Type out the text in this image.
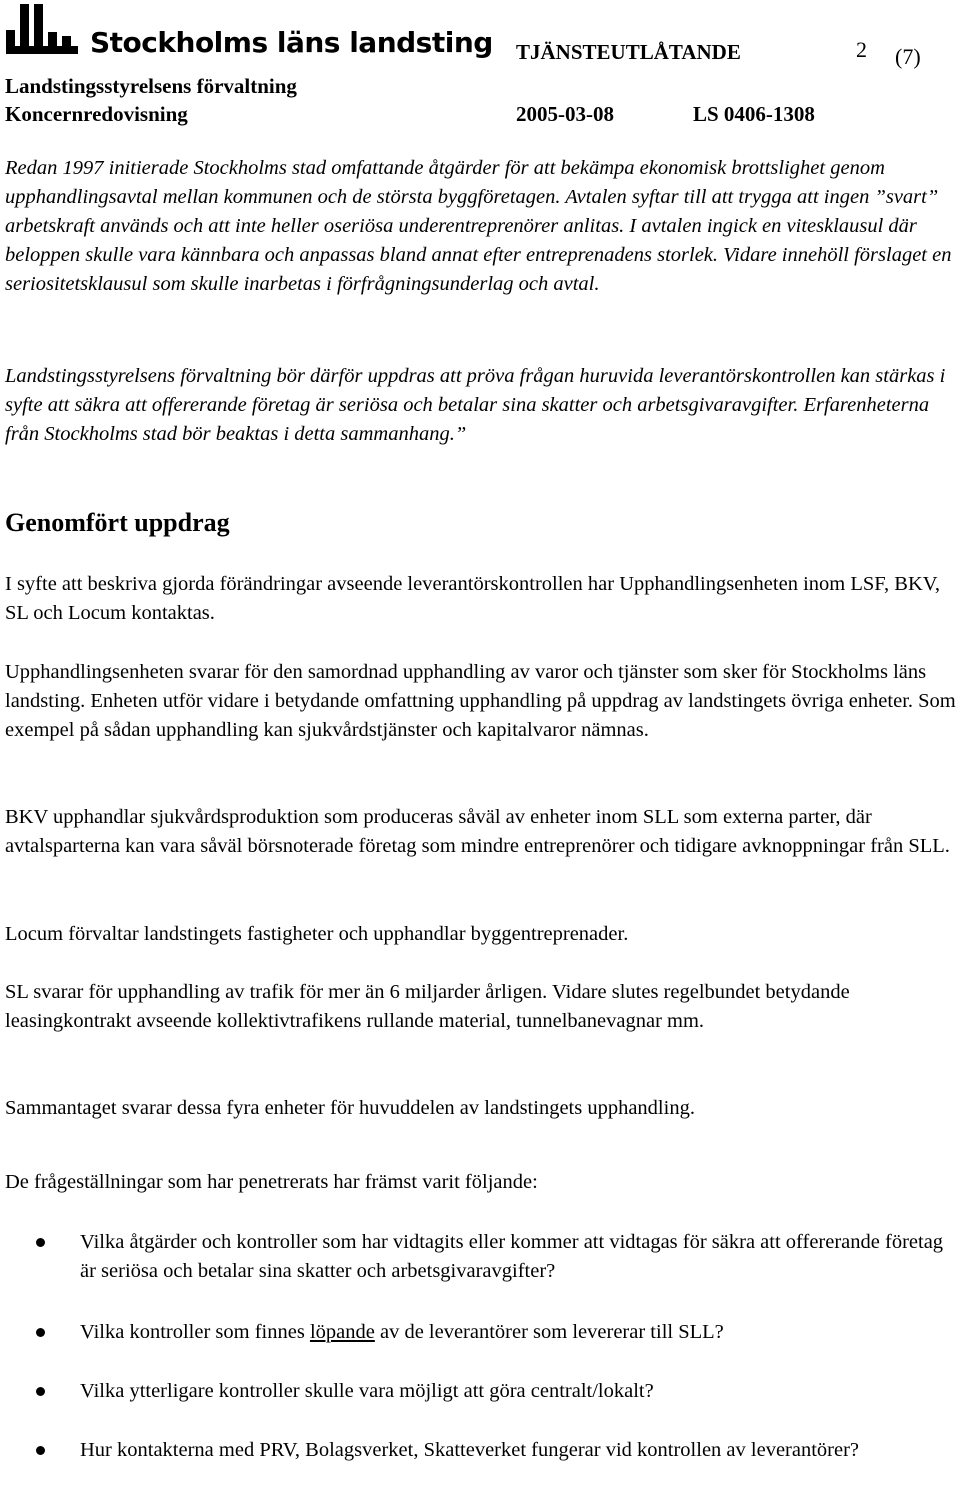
Stockholms läns landsting TJÄNSTEUTLÅTANDE	2 (7)
Landstingsstyrelsens förvaltning
Koncernredovisning	2005-03-08	LS 0406-1308

Redan 1997 initierade Stockholms stad omfattande åtgärder för att bekämpa ekonomisk brottslighet genom upphandlingsavtal mellan kommunen och de största byggföretagen. Avtalen syftar till att trygga att ingen ”svart” arbetskraft används och att inte heller oseriösa underentreprenörer anlitas. I avtalen ingick en vitesklausul där beloppen skulle vara kännbara och anpassas bland annat efter entreprenadens storlek. Vidare innehöll förslaget en seriositetsklausul som skulle inarbetas i förfrågningsunderlag och avtal.

Landstingsstyrelsens förvaltning bör därför uppdras att pröva frågan huruvida leverantörskontrollen kan stärkas i syfte att säkra att offererande företag är seriösa och betalar sina skatter och arbetsgivaravgifter. Erfarenheterna från Stockholms stad bör beaktas i detta sammanhang.”

Genomfört uppdrag

I syfte att beskriva gjorda förändringar avseende leverantörskontrollen har Upphandlingsenheten inom LSF, BKV, SL och Locum kontaktas.

Upphandlingsenheten svarar för den samordnad upphandling av varor och tjänster som sker för Stockholms läns landsting. Enheten utför vidare i betydande omfattning upphandling på uppdrag av landstingets övriga enheter. Som exempel på sådan upphandling kan sjukvårdstjänster och kapitalvaror nämnas.

BKV upphandlar sjukvårdsproduktion som produceras såväl av enheter inom SLL som externa parter, där avtalsparterna kan vara såväl börsnoterade företag som mindre entreprenörer och tidigare avknoppningar från SLL.

Locum förvaltar landstingets fastigheter och upphandlar byggentreprenader.

SL svarar för upphandling av trafik för mer än 6 miljarder årligen. Vidare slutes regelbundet betydande leasingkontrakt avseende kollektivtrafikens rullande material, tunnelbanevagnar mm.

Sammantaget svarar dessa fyra enheter för huvuddelen av landstingets upphandling.

De frågeställningar som har penetrerats har främst varit följande:

Vilka åtgärder och kontroller som har vidtagits eller kommer att vidtagas för säkra att offererande företag är seriösa och betalar sina skatter och arbetsgivaravgifter?

Vilka kontroller som finnes löpande av de leverantörer som levererar till SLL?

Vilka ytterligare kontroller skulle vara möjligt att göra centralt/lokalt?

Hur kontakterna med PRV, Bolagsverket, Skatteverket fungerar vid kontrollen av leverantörer?
